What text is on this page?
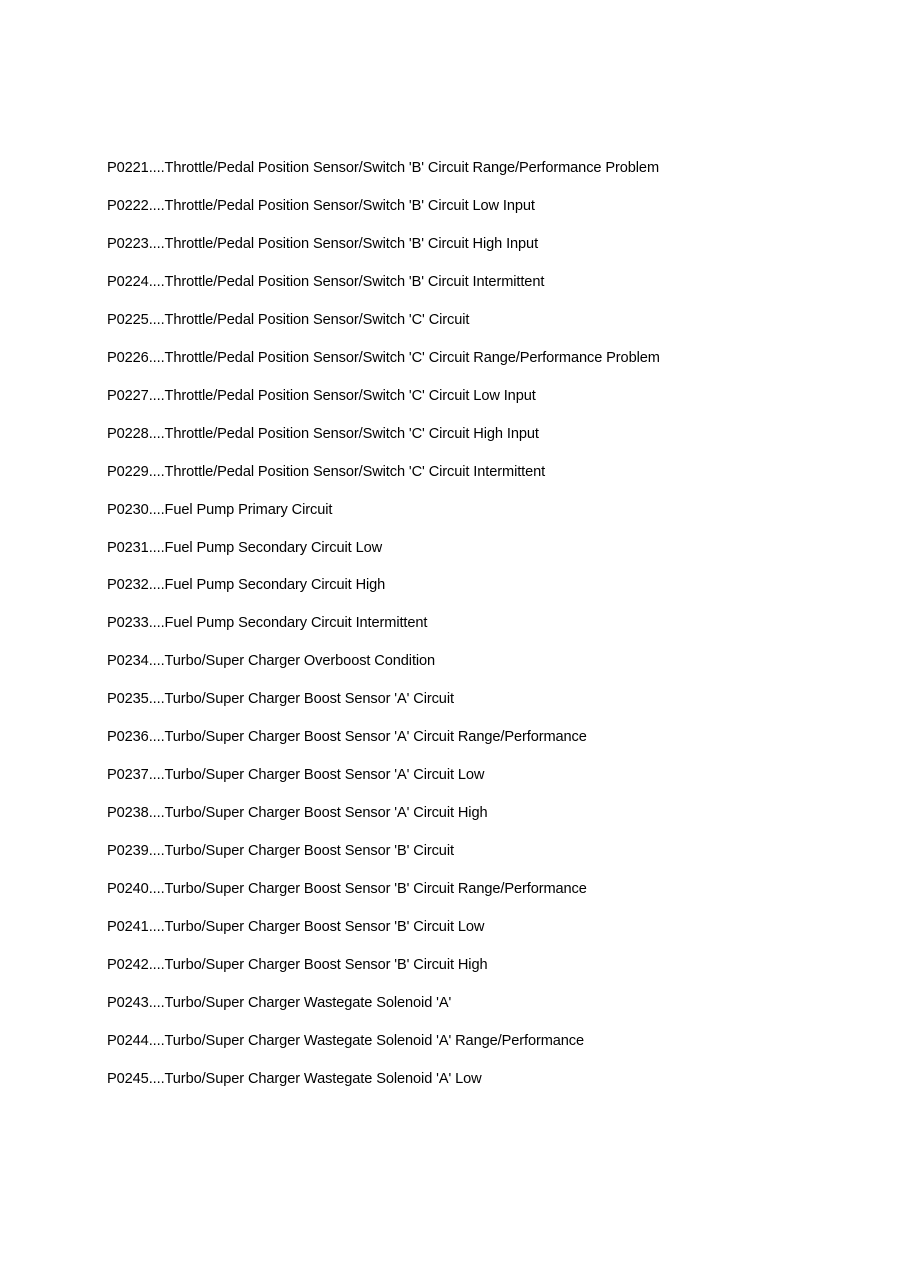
P0221....Throttle/Pedal Position Sensor/Switch 'B' Circuit Range/Performance Problem
P0222....Throttle/Pedal Position Sensor/Switch 'B' Circuit Low Input
P0223....Throttle/Pedal Position Sensor/Switch 'B' Circuit High Input
P0224....Throttle/Pedal Position Sensor/Switch 'B' Circuit Intermittent
P0225....Throttle/Pedal Position Sensor/Switch 'C' Circuit
P0226....Throttle/Pedal Position Sensor/Switch 'C' Circuit Range/Performance Problem
P0227....Throttle/Pedal Position Sensor/Switch 'C' Circuit Low Input
P0228....Throttle/Pedal Position Sensor/Switch 'C' Circuit High Input
P0229....Throttle/Pedal Position Sensor/Switch 'C' Circuit Intermittent
P0230....Fuel Pump Primary Circuit
P0231....Fuel Pump Secondary Circuit Low
P0232....Fuel Pump Secondary Circuit High
P0233....Fuel Pump Secondary Circuit Intermittent
P0234....Turbo/Super Charger Overboost Condition
P0235....Turbo/Super Charger Boost Sensor 'A' Circuit
P0236....Turbo/Super Charger Boost Sensor 'A' Circuit Range/Performance
P0237....Turbo/Super Charger Boost Sensor 'A' Circuit Low
P0238....Turbo/Super Charger Boost Sensor 'A' Circuit High
P0239....Turbo/Super Charger Boost Sensor 'B' Circuit
P0240....Turbo/Super Charger Boost Sensor 'B' Circuit Range/Performance
P0241....Turbo/Super Charger Boost Sensor 'B' Circuit Low
P0242....Turbo/Super Charger Boost Sensor 'B' Circuit High
P0243....Turbo/Super Charger Wastegate Solenoid 'A'
P0244....Turbo/Super Charger Wastegate Solenoid 'A' Range/Performance
P0245....Turbo/Super Charger Wastegate Solenoid 'A' Low
